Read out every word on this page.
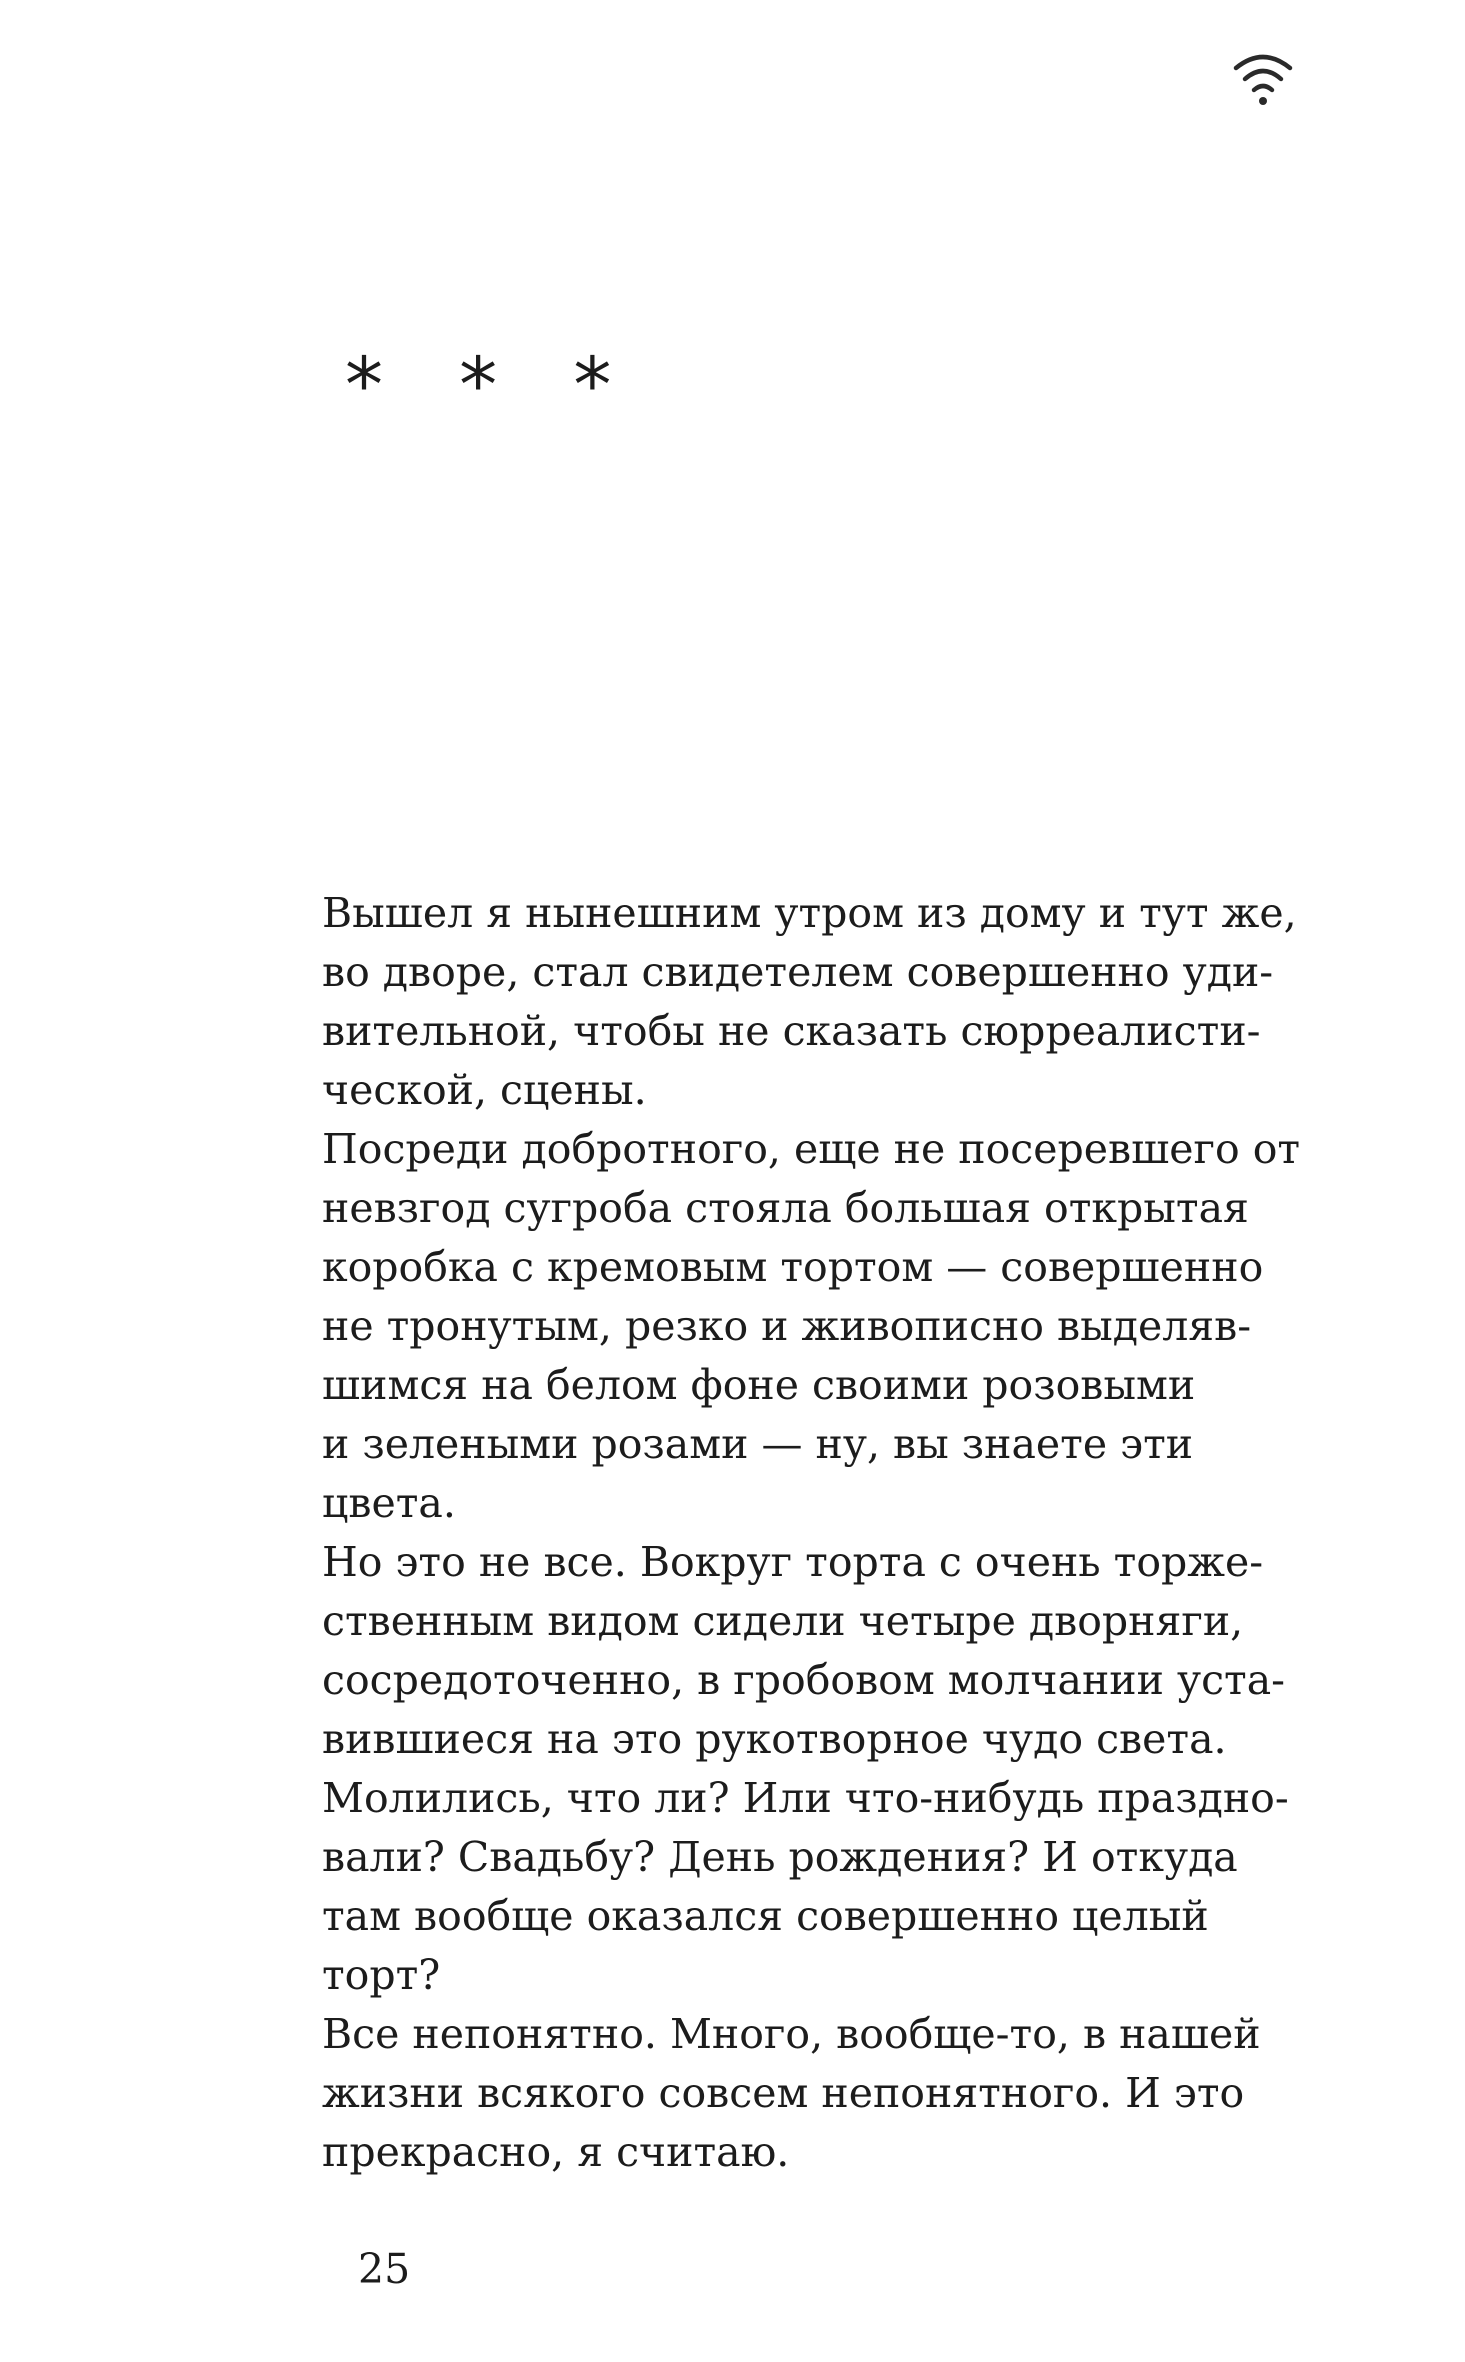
* * *

Вышел я нынешним утром из дому и тут же,
во дворе, стал свидетелем совершенно уди-
вительной, чтобы не сказать сюрреалисти-
ческой, сцены.

Посреди добротного, еще не посеревшего от
невзгод сугроба стояла большая открытая
коробка с кремовым тортом — совершенно
не тронутым, резко и живописно выделяв-
шимся на белом фоне своими розовыми
и зелеными розами — ну, вы знаете эти
цвета.

Но это не все. Вокруг торта с очень торже-
ственным видом сидели четыре дворняги,
сосредоточенно, в гробовом молчании уста-
вившиеся на это рукотворное чудо света.

Молились, что ли? Или что-нибудь праздно-
вали? Свадьбу? День рождения? И откуда
там вообще оказался совершенно целый
торт?

Все непонятно. Много, вообще-то, в нашей
жизни всякого совсем непонятного. И это
прекрасно, я считаю.

25
